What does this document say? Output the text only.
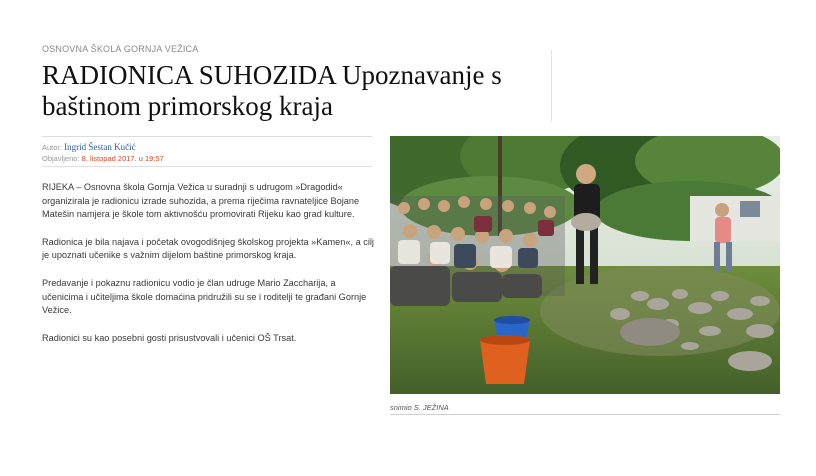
OSNOVNA ŠKOLA GORNJA VEŽICA
RADIONICA SUHOZIDA Upoznavanje s baštinom primorskog kraja
Autor: Ingrid Šestan Kučić
Objavljeno: 8. listopad 2017. u 19:57

RIJEKA – Osnovna škola Gornja Vežica u suradnji s udrugom »Dragodid« organizirala je radionicu izrade suhozida, a prema riječima ravnateljice Bojane Matešin namjera je škole tom aktivnošću promovirati Rijeku kao grad kulture.

Radionica je bila najava i početak ovogodišnjeg školskog projekta »Kamen«, a cilj je upoznati učenike s važnim dijelom baštine primorskog kraja.

Predavanje i pokaznu radionicu vodio je član udruge Mario Zaccharija, a učenicima i učiteljima škole domaćina pridružili su se i roditelji te građani Gornje Vežice.

Radionici su kao posebni gosti prisustvovali i učenici OŠ Trsat.

snimio S. JEŽINA
